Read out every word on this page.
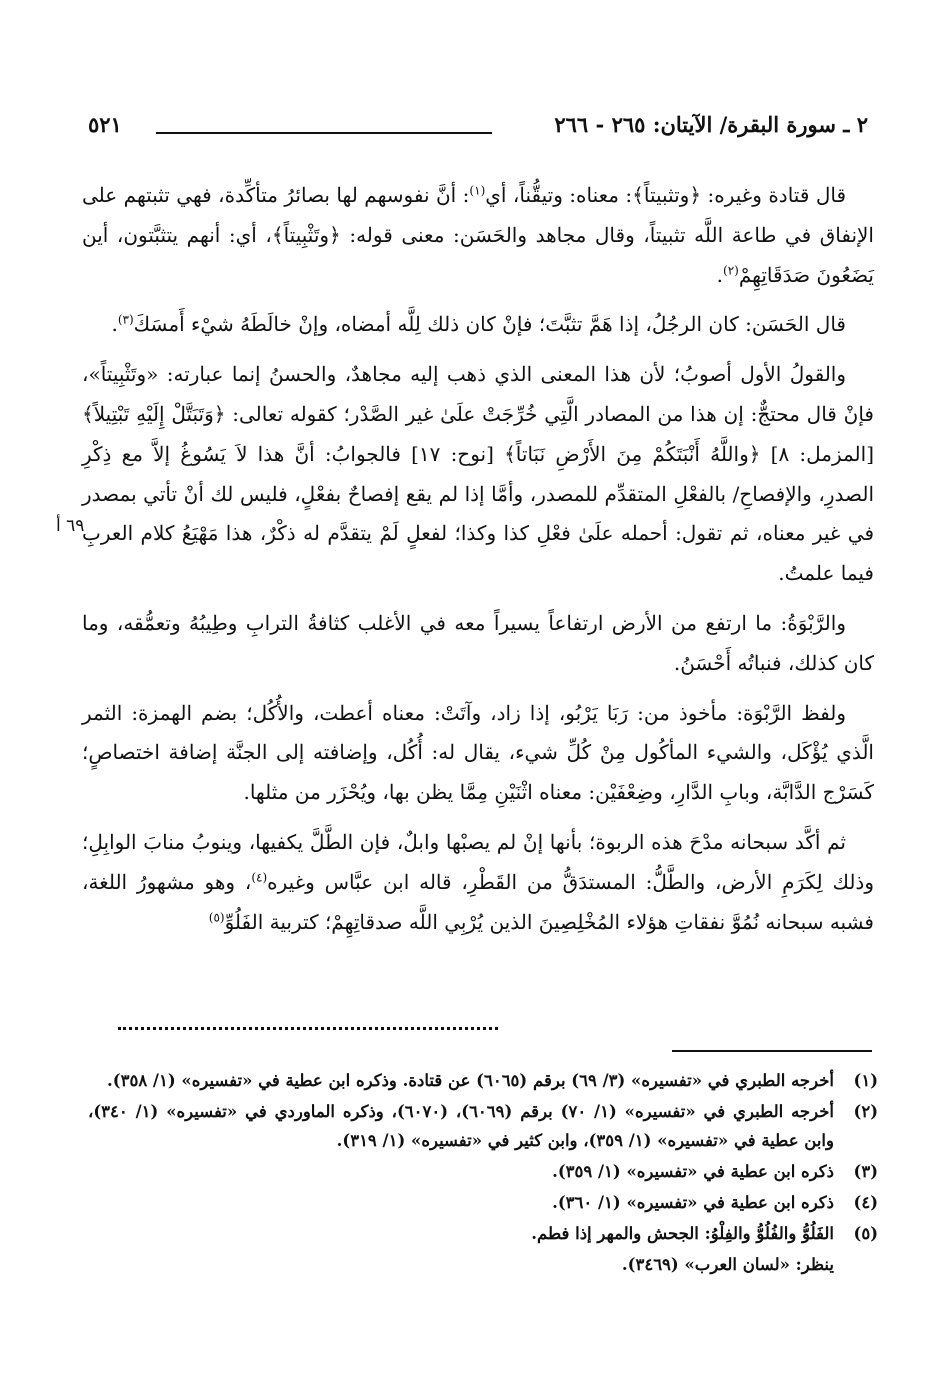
٢ ـ سورة البقرة/ الآيتان: ٢٦٥ - ٢٦٦
٥٢١
٦٩ أ

قال قتادة وغيره: ﴿وتثبيتاً﴾: معناه: وتيقُّناً، أي$^{(١)}$: أنَّ نفوسهم لها بصائرُ متأكِّدة، فهي تثبتهم على الإنفاق في طاعة اللَّه تثبيتاً، وقال مجاهد والحَسَن: معنى قوله: ﴿وتَثْبِيتاً﴾، أي: أنهم يتثبَّتون، أين يَضَعُونَ صَدَقَاتِهِمْ$^{(٢)}$.

قال الحَسَن: كان الرجُلُ، إذا هَمَّ تثبَّتَ؛ فإنْ كان ذلك لِلَّه أمضاه، وإنْ خالَطَهُ شيْء أَمسَكَ$^{(٣)}$.

والقولُ الأول أصوبُ؛ لأن هذا المعنى الذي ذهب إليه مجاهدٌ، والحسنُ إنما عبارته: «وتَثْبِيتاً»، فإنْ قال محتجٌّ: إن هذا من المصادر الَّتِي خُرِّجَتْ علَىٰ غير الصَّدْر؛ كقوله تعالى: ﴿وَتَبَتَّلْ إِلَيْهِ تَبْتِيلاً﴾ [المزمل: ٨] ﴿واللَّهُ أَنْبَتَكُمْ مِنَ الأَرْضِ نَبَاتاً﴾ [نوح: ١٧] فالجوابُ: أنَّ هذا لاَ يَسُوغُ إلاَّ مع ذِكْرِ الصدرِ، والإفصاحِ/ بالفعْلِ المتقدِّم للمصدر، وأمَّا إذا لم يقع إفصاحٌ بفعْلٍ، فليس لك أنْ تأتي بمصدر في غير معناه، ثم تقول: أحمله علَىٰ فعْلِ كذا وكذا؛ لفعلٍ لَمْ يتقدَّم له ذكْرٌ، هذا مَهْيَعُ كلام العربِ فيما علمتُ.

والرَّبْوَةُ: ما ارتفع من الأرض ارتفاعاً يسيراً معه في الأغلب كثافةُ الترابِ وطِيبُهُ وتعمُّقه، وما كان كذلك، فنباتُه أَحْسَنُ.

ولفظ الرَّبْوَة: مأخوذ من: رَبَا يَرْبُو، إذا زاد، وآتَتْ: معناه أعطت، والأُكُل؛ بضم الهمزة: الثمر الَّذي يُؤْكَل، والشيء المأكُول مِنْ كُلِّ شيء، يقال له: أُكُل، وإضافته إلى الجنَّة إضافة اختصاصٍ؛ كَسَرْج الدَّابَّة، وبابِ الدَّارِ، وضِعْفَيْن: معناه اثْنَيْنِ مِمَّا يظن بها، ويُحْزَر من مثلها.

ثم أكَّد سبحانه مدْحَ هذه الربوة؛ بأنها إنْ لم يصبْها وابلٌ، فإن الطَّلَّ يكفيها، وينوبُ منابَ الوابِلِ؛ وذلك لِكَرَمِ الأرض، والطَّلُّ: المستدَقُّ من القَطْرِ، قاله ابن عبَّاس وغيره$^{(٤)}$، وهو مشهورُ اللغة، فشبه سبحانه نُمُوَّ نفقاتِ هؤلاء المُخْلِصِينَ الذين يُرْبِي اللَّه صدقاتِهِمْ؛ كتربية الفَلُوِّ$^{(٥)}$

(١)
أخرجه الطبري في «تفسيره» (٣/ ٦٩) برقم (٦٠٦٥) عن قتادة. وذكره ابن عطية في «تفسيره» (١/ ٣٥٨).
(٢)
أخرجه الطبري في «تفسيره» (١/ ٧٠) برقم (٦٠٦٩)، (٦٠٧٠)، وذكره الماوردي في «تفسيره» (١/ ٣٤٠)، وابن عطية في «تفسيره» (١/ ٣٥٩)، وابن كثير في «تفسيره» (١/ ٣١٩).
(٣)
ذكره ابن عطية في «تفسيره» (١/ ٣٥٩).
(٤)
ذكره ابن عطية في «تفسيره» (١/ ٣٦٠).
(٥)
الفَلُوُّ والفُلُوُّ والفِلْوُ: الجحش والمهر إذا فطم.
ينظر: «لسان العرب» (٣٤٦٩).
